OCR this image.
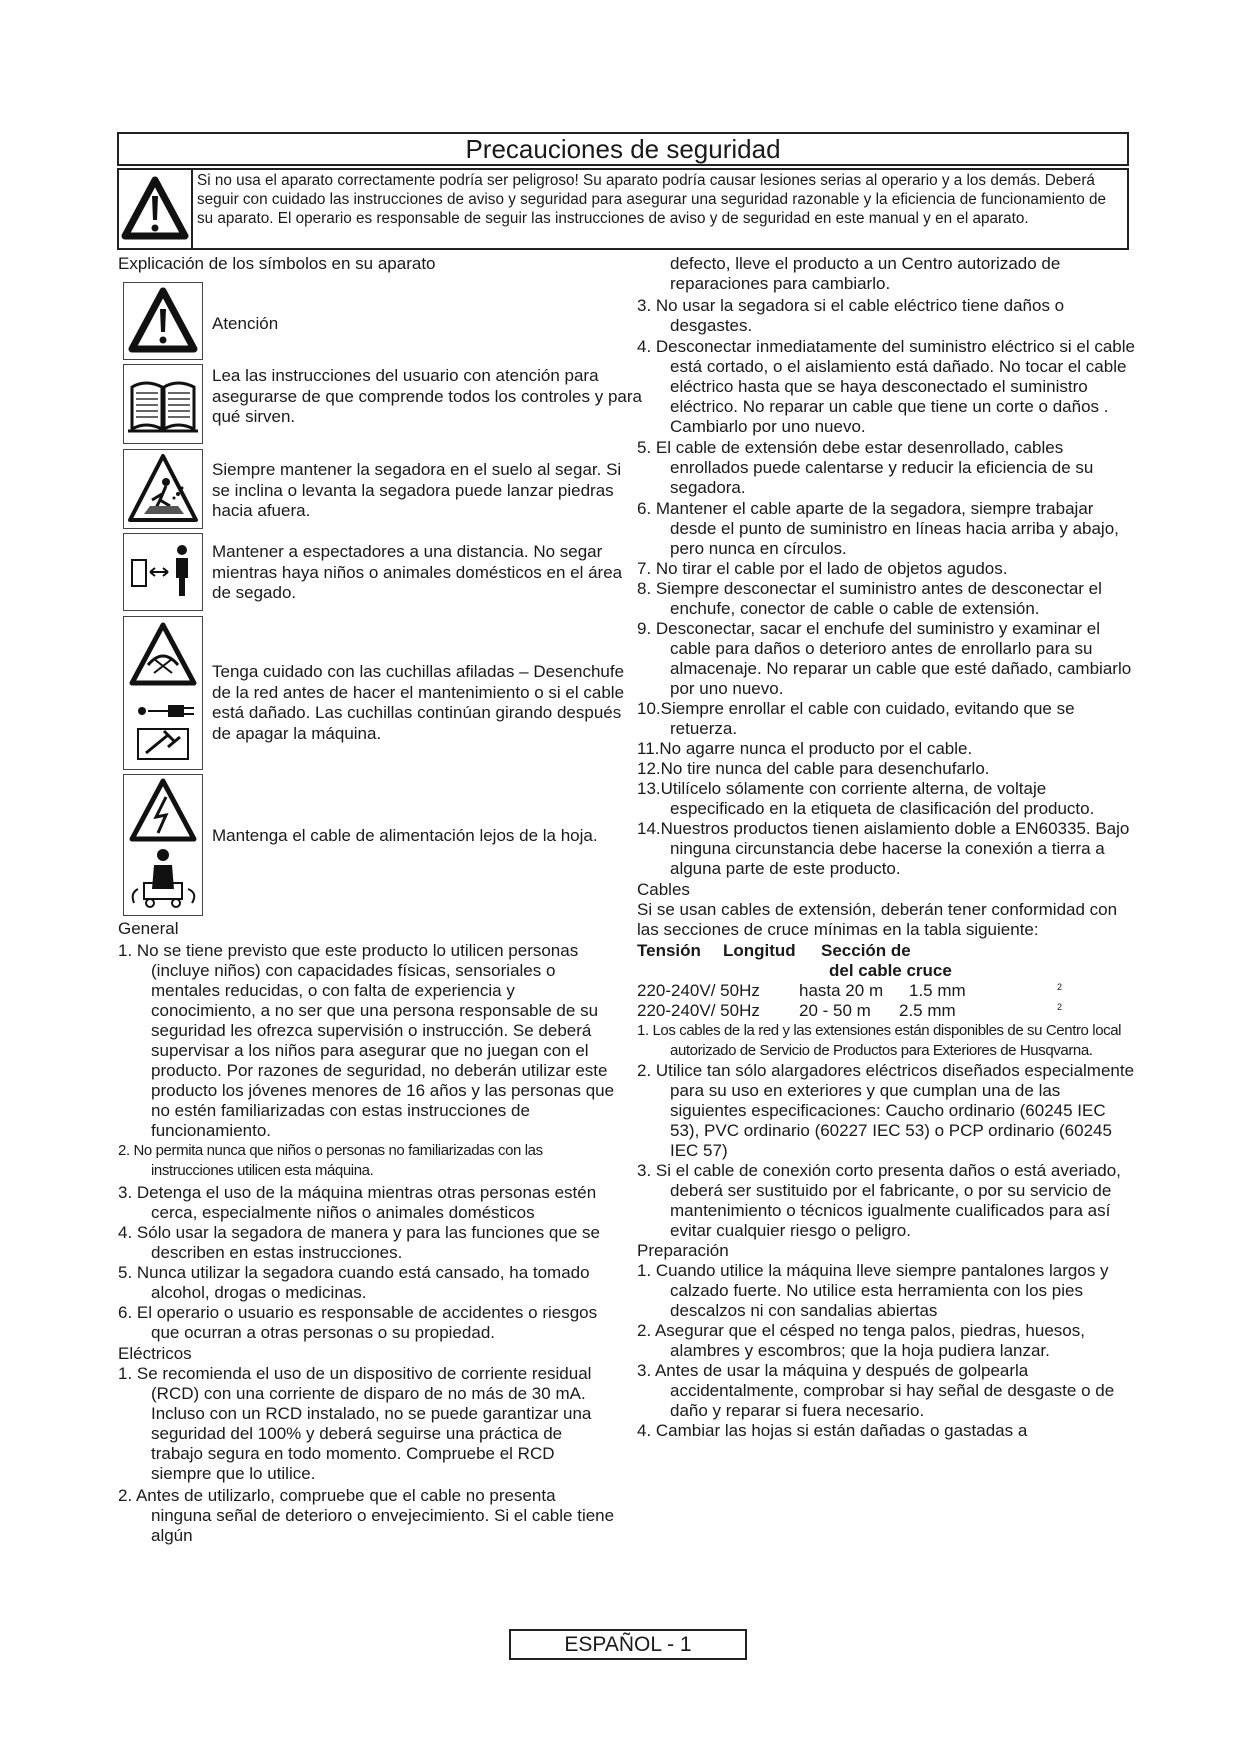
Precauciones de seguridad
Si no usa el aparato correctamente podría ser peligroso! Su aparato podría causar lesiones serias al operario y a los demás. Deberá seguir con cuidado las instrucciones de aviso y seguridad para asegurar una seguridad razonable y la eficiencia de funcionamiento de su aparato. El operario es responsable de seguir las instrucciones de aviso y de seguridad en este manual y en el aparato.
Explicación de los símbolos en su aparato
Atención
Lea las instrucciones del usuario con atención para asegurarse de que comprende todos los controles y para qué sirven.
Siempre mantener la segadora en el suelo al segar. Si se inclina o levanta la segadora puede lanzar piedras hacia afuera.
Mantener a espectadores a una distancia. No segar mientras haya niños o animales domésticos en el área de segado.
Tenga cuidado con las cuchillas afiladas – Desenchufe de la red antes de hacer el mantenimiento o si el cable está dañado. Las cuchillas continúan girando después de apagar la máquina.
Mantenga el cable de alimentación lejos de la hoja.
General
1. No se tiene previsto que este producto lo utilicen personas (incluye niños) con capacidades físicas, sensoriales o mentales reducidas, o con falta de experiencia y conocimiento, a no ser que una persona responsable de su seguridad les ofrezca supervisión o instrucción. Se deberá supervisar a los niños para asegurar que no juegan con el producto. Por razones de seguridad, no deberán utilizar este producto los jóvenes menores de 16 años y las personas que no estén familiarizadas con estas instrucciones de funcionamiento.
2. No permita nunca que niños o personas no familiarizadas con las instrucciones utilicen esta máquina.
3. Detenga el uso de la máquina mientras otras personas estén cerca, especialmente niños o animales domésticos
4. Sólo usar la segadora de manera y para las funciones que se describen en estas instrucciones.
5. Nunca utilizar la segadora cuando está cansado, ha tomado alcohol, drogas o medicinas.
6. El operario o usuario es responsable de accidentes o riesgos que ocurran a otras personas o su propiedad.
Eléctricos
1. Se recomienda el uso de un dispositivo de corriente residual (RCD) con una corriente de disparo de no más de 30 mA. Incluso con un RCD instalado, no se puede garantizar una seguridad del 100% y deberá seguirse una práctica de trabajo segura en todo momento. Compruebe el RCD siempre que lo utilice.
2. Antes de utilizarlo, compruebe que el cable no presenta ninguna señal de deterioro o envejecimiento. Si el cable tiene algún
defecto, lleve el producto a un Centro autorizado de reparaciones para cambiarlo.
3. No usar la segadora si el cable eléctrico tiene daños o desgastes.
4. Desconectar inmediatamente del suministro eléctrico si el cable está cortado, o el aislamiento está dañado. No tocar el cable eléctrico hasta que se haya desconectado el suministro eléctrico. No reparar un cable que tiene un corte o daños . Cambiarlo por uno nuevo.
5. El cable de extensión debe estar desenrollado, cables enrollados puede calentarse y reducir la eficiencia de su segadora.
6. Mantener el cable aparte de la segadora, siempre trabajar desde el punto de suministro en líneas hacia arriba y abajo, pero nunca en círculos.
7. No tirar el cable por el lado de objetos agudos.
8. Siempre desconectar el suministro antes de desconectar el enchufe, conector de cable o cable de extensión.
9. Desconectar, sacar el enchufe del suministro y examinar el cable para daños o deterioro antes de enrollarlo para su almacenaje. No reparar un cable que esté dañado, cambiarlo por uno nuevo.
10.Siempre enrollar el cable con cuidado, evitando que se retuerza.
11.No agarre nunca el producto por el cable.
12.No tire nunca del cable para desenchufarlo.
13.Utilícelo sólamente con corriente alterna, de voltaje especificado en la etiqueta de clasificación del producto.
14.Nuestros productos tienen aislamiento doble a EN60335. Bajo ninguna circunstancia debe hacerse la conexión a tierra a alguna parte de este producto.
Cables
Si se usan cables de extensión, deberán tener conformidad con las secciones de cruce mínimas en la tabla siguiente:
Tensión Longitud Sección de
del cable cruce
220-240V/ 50Hz hasta 20 m 1.5 mm	2
220-240V/ 50Hz 20 - 50 m 2.5 mm	2
1. Los cables de la red y las extensiones están disponibles de su Centro local autorizado de Servicio de Productos para Exteriores de Husqvarna.
2. Utilice tan sólo alargadores eléctricos diseñados especialmente para su uso en exteriores y que cumplan una de las siguientes especificaciones: Caucho ordinario (60245 IEC 53), PVC ordinario (60227 IEC 53) o PCP ordinario (60245 IEC 57)
3. Si el cable de conexión corto presenta daños o está averiado, deberá ser sustituido por el fabricante, o por su servicio de mantenimiento o técnicos igualmente cualificados para así evitar cualquier riesgo o peligro.
Preparación
1. Cuando utilice la máquina lleve siempre pantalones largos y calzado fuerte. No utilice esta herramienta con los pies descalzos ni con sandalias abiertas
2. Asegurar que el césped no tenga palos, piedras, huesos, alambres y escombros; que la hoja pudiera lanzar.
3. Antes de usar la máquina y después de golpearla accidentalmente, comprobar si hay señal de desgaste o de daño y reparar si fuera necesario.
4. Cambiar las hojas si están dañadas o gastadas a
ESPAÑOL - 1
